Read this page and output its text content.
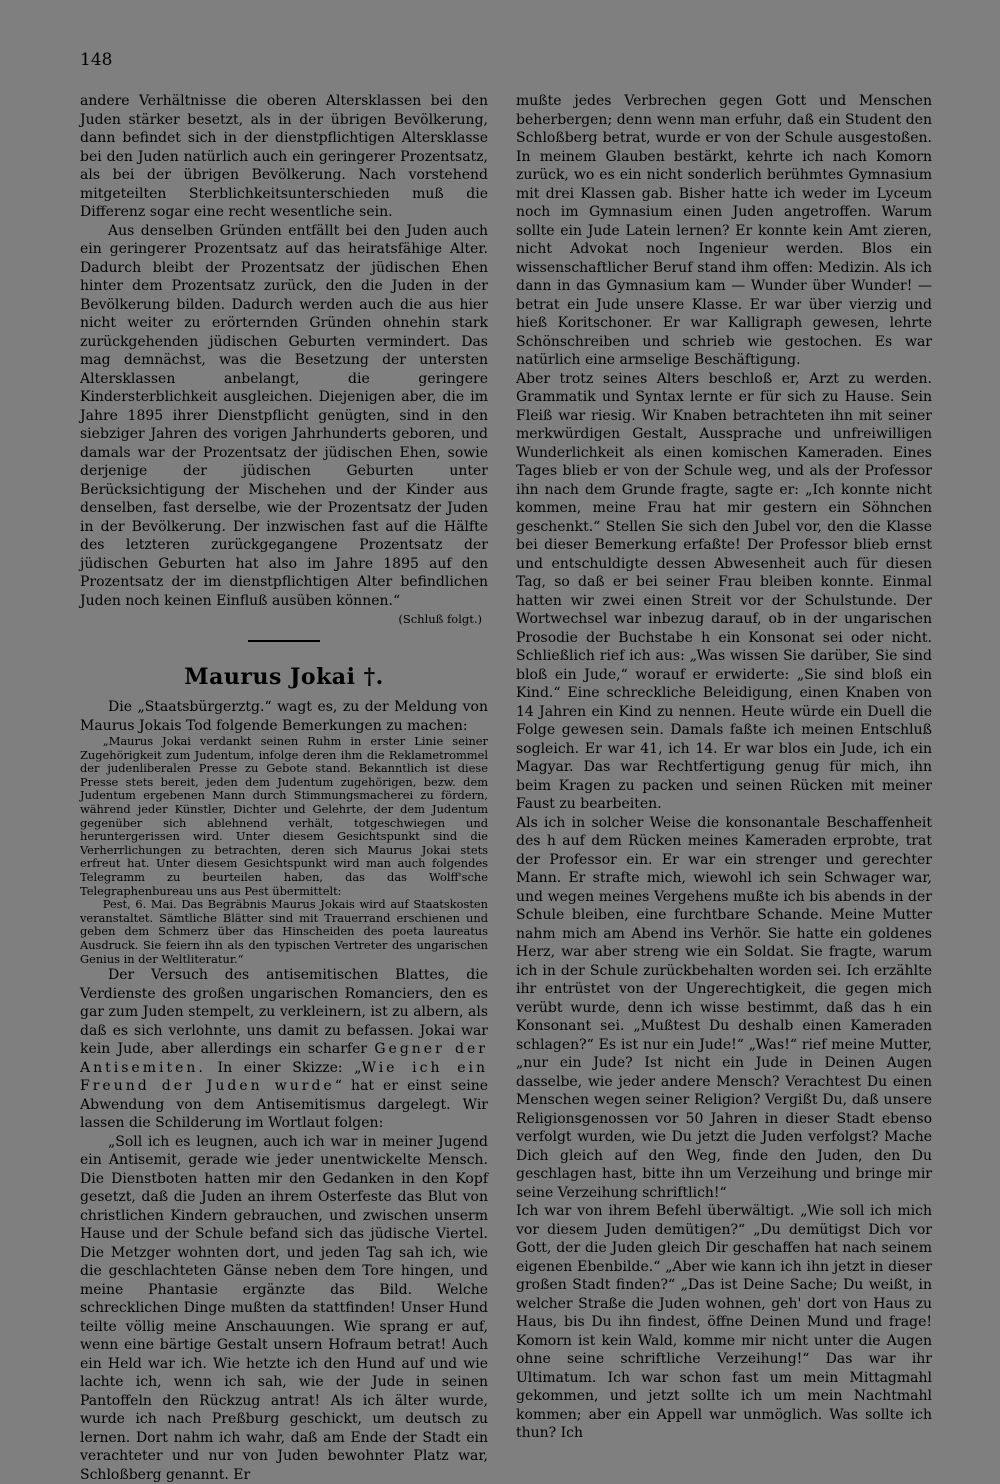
148

andere Verhältnisse die oberen Altersklassen bei den Juden stärker besetzt, als in der übrigen Bevölkerung, dann befindet sich in der dienstpflichtigen Altersklasse bei den Juden natürlich auch ein geringerer Prozentsatz, als bei der übrigen Bevölkerung. Nach vorstehend mitgeteilten Sterblichkeitsunterschieden muß die Differenz sogar eine recht wesentliche sein.

Aus denselben Gründen entfällt bei den Juden auch ein geringerer Prozentsatz auf das heiratsfähige Alter. Dadurch bleibt der Prozentsatz der jüdischen Ehen hinter dem Prozentsatz zurück, den die Juden in der Bevölkerung bilden. Dadurch werden auch die aus hier nicht weiter zu erörternden Gründen ohnehin stark zurückgehenden jüdischen Geburten vermindert. Das mag demnächst, was die Besetzung der untersten Altersklassen anbelangt, die geringere Kindersterblichkeit ausgleichen. Diejenigen aber, die im Jahre 1895 ihrer Dienstpflicht genügten, sind in den siebziger Jahren des vorigen Jahrhunderts geboren, und damals war der Prozentsatz der jüdischen Ehen, sowie derjenige der jüdischen Geburten unter Berücksichtigung der Mischehen und der Kinder aus denselben, fast derselbe, wie der Prozentsatz der Juden in der Bevölkerung. Der inzwischen fast auf die Hälfte des letzteren zurückgegangene Prozentsatz der jüdischen Geburten hat also im Jahre 1895 auf den Prozentsatz der im dienstpflichtigen Alter befindlichen Juden noch keinen Einfluß ausüben können.“

(Schluß folgt.)
Maurus Jokai †.

Die „Staatsbürgerztg.“ wagt es, zu der Meldung von Maurus Jokais Tod folgende Bemerkungen zu machen:

„Maurus Jokai verdankt seinen Ruhm in erster Linie seiner Zugehörigkeit zum Judentum, infolge deren ihm die Reklametrommel der judenliberalen Presse zu Gebote stand. Bekanntlich ist diese Presse stets bereit, jeden dem Judentum zugehörigen, bezw. dem Judentum ergebenen Mann durch Stimmungsmacherei zu fördern, während jeder Künstler, Dichter und Gelehrte, der dem Judentum gegenüber sich ablehnend verhält, totgeschwiegen und heruntergerissen wird. Unter diesem Gesichtspunkt sind die Verherrlichungen zu betrachten, deren sich Maurus Jokai stets erfreut hat. Unter diesem Gesichtspunkt wird man auch folgendes Telegramm zu beurteilen haben, das das Wolff'sche Telegraphenbureau uns aus Pest übermittelt:

Pest, 6. Mai. Das Begräbnis Maurus Jokais wird auf Staatskosten veranstaltet. Sämtliche Blätter sind mit Trauerrand erschienen und geben dem Schmerz über das Hinscheiden des poeta laureatus Ausdruck. Sie feiern ihn als den typischen Vertreter des ungarischen Genius in der Weltliteratur.“

Der Versuch des antisemitischen Blattes, die Verdienste des großen ungarischen Romanciers, den es gar zum Juden stempelt, zu verkleinern, ist zu albern, als daß es sich verlohnte, uns damit zu befassen. Jokai war kein Jude, aber allerdings ein scharfer Gegner der Antisemiten. In einer Skizze: „Wie ich ein Freund der Juden wurde“ hat er einst seine Abwendung von dem Antisemitismus dargelegt. Wir lassen die Schilderung im Wortlaut folgen:

„Soll ich es leugnen, auch ich war in meiner Jugend ein Antisemit, gerade wie jeder unentwickelte Mensch. Die Dienstboten hatten mir den Gedanken in den Kopf gesetzt, daß die Juden an ihrem Osterfeste das Blut von christlichen Kindern gebrauchen, und zwischen unserm Hause und der Schule befand sich das jüdische Viertel. Die Metzger wohnten dort, und jeden Tag sah ich, wie die geschlachteten Gänse neben dem Tore hingen, und meine Phantasie ergänzte das Bild. Welche schrecklichen Dinge mußten da stattfinden! Unser Hund teilte völlig meine Anschauungen. Wie sprang er auf, wenn eine bärtige Gestalt unsern Hofraum betrat! Auch ein Held war ich. Wie hetzte ich den Hund auf und wie lachte ich, wenn ich sah, wie der Jude in seinen Pantoffeln den Rückzug antrat! Als ich älter wurde, wurde ich nach Preßburg geschickt, um deutsch zu lernen. Dort nahm ich wahr, daß am Ende der Stadt ein verachteter und nur von Juden bewohnter Platz war, Schloßberg genannt. Er

mußte jedes Verbrechen gegen Gott und Menschen beherbergen; denn wenn man erfuhr, daß ein Student den Schloßberg betrat, wurde er von der Schule ausgestoßen. In meinem Glauben bestärkt, kehrte ich nach Komorn zurück, wo es ein nicht sonderlich berühmtes Gymnasium mit drei Klassen gab. Bisher hatte ich weder im Lyceum noch im Gymnasium einen Juden angetroffen. Warum sollte ein Jude Latein lernen? Er konnte kein Amt zieren, nicht Advokat noch Ingenieur werden. Blos ein wissenschaftlicher Beruf stand ihm offen: Medizin. Als ich dann in das Gymnasium kam — Wunder über Wunder! — betrat ein Jude unsere Klasse. Er war über vierzig und hieß Koritschoner. Er war Kalligraph gewesen, lehrte Schönschreiben und schrieb wie gestochen. Es war natürlich eine armselige Beschäftigung.

Aber trotz seines Alters beschloß er, Arzt zu werden. Grammatik und Syntax lernte er für sich zu Hause. Sein Fleiß war riesig. Wir Knaben betrachteten ihn mit seiner merkwürdigen Gestalt, Aussprache und unfreiwilligen Wunderlichkeit als einen komischen Kameraden. Eines Tages blieb er von der Schule weg, und als der Professor ihn nach dem Grunde fragte, sagte er: „Ich konnte nicht kommen, meine Frau hat mir gestern ein Söhnchen geschenkt.“ Stellen Sie sich den Jubel vor, den die Klasse bei dieser Bemerkung erfaßte! Der Professor blieb ernst und entschuldigte dessen Abwesenheit auch für diesen Tag, so daß er bei seiner Frau bleiben konnte. Einmal hatten wir zwei einen Streit vor der Schulstunde. Der Wortwechsel war inbezug darauf, ob in der ungarischen Prosodie der Buchstabe h ein Konsonat sei oder nicht. Schließlich rief ich aus: „Was wissen Sie darüber, Sie sind bloß ein Jude,“ worauf er erwiderte: „Sie sind bloß ein Kind.“ Eine schreckliche Beleidigung, einen Knaben von 14 Jahren ein Kind zu nennen. Heute würde ein Duell die Folge gewesen sein. Damals faßte ich meinen Entschluß sogleich. Er war 41, ich 14. Er war blos ein Jude, ich ein Magyar. Das war Rechtfertigung genug für mich, ihn beim Kragen zu packen und seinen Rücken mit meiner Faust zu bearbeiten.

Als ich in solcher Weise die konsonantale Beschaffenheit des h auf dem Rücken meines Kameraden erprobte, trat der Professor ein. Er war ein strenger und gerechter Mann. Er strafte mich, wiewohl ich sein Schwager war, und wegen meines Vergehens mußte ich bis abends in der Schule bleiben, eine furchtbare Schande. Meine Mutter nahm mich am Abend ins Verhör. Sie hatte ein goldenes Herz, war aber streng wie ein Soldat. Sie fragte, warum ich in der Schule zurückbehalten worden sei. Ich erzählte ihr entrüstet von der Ungerechtigkeit, die gegen mich verübt wurde, denn ich wisse bestimmt, daß das h ein Konsonant sei. „Mußtest Du deshalb einen Kameraden schlagen?“ Es ist nur ein Jude!“ „Was!“ rief meine Mutter, „nur ein Jude? Ist nicht ein Jude in Deinen Augen dasselbe, wie jeder andere Mensch? Verachtest Du einen Menschen wegen seiner Religion? Vergißt Du, daß unsere Religionsgenossen vor 50 Jahren in dieser Stadt ebenso verfolgt wurden, wie Du jetzt die Juden verfolgst? Mache Dich gleich auf den Weg, finde den Juden, den Du geschlagen hast, bitte ihn um Verzeihung und bringe mir seine Verzeihung schriftlich!“

Ich war von ihrem Befehl überwältigt. „Wie soll ich mich vor diesem Juden demütigen?“ „Du demütigst Dich vor Gott, der die Juden gleich Dir geschaffen hat nach seinem eigenen Ebenbilde.“ „Aber wie kann ich ihn jetzt in dieser großen Stadt finden?“ „Das ist Deine Sache; Du weißt, in welcher Straße die Juden wohnen, geh' dort von Haus zu Haus, bis Du ihn findest, öffne Deinen Mund und frage! Komorn ist kein Wald, komme mir nicht unter die Augen ohne seine schriftliche Verzeihung!“ Das war ihr Ultimatum. Ich war schon fast um mein Mittagmahl gekommen, und jetzt sollte ich um mein Nachtmahl kommen; aber ein Appell war unmöglich. Was sollte ich thun? Ich
